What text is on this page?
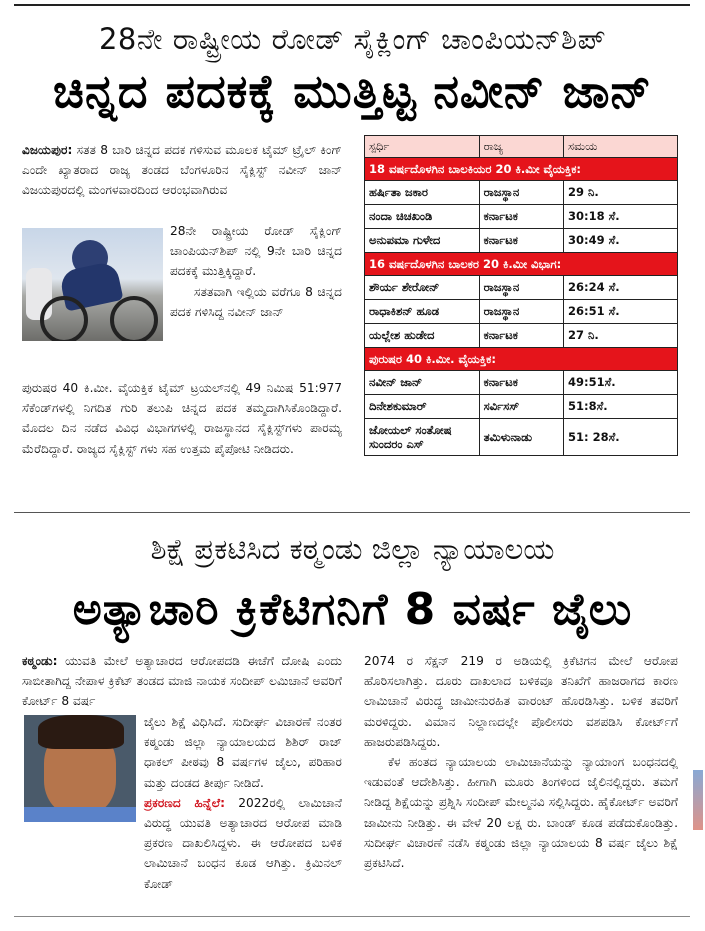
28ನೇ ರಾಷ್ಟ್ರೀಯ ರೋಡ್ ಸೈಕ್ಲಿಂಗ್ ಚಾಂಪಿಯನ್‌ಶಿಪ್
ಚಿನ್ನದ ಪದಕಕ್ಕೆ ಮುತ್ತಿಟ್ಟ ನವೀನ್ ಜಾನ್

ವಿಜಯಪುರ: ಸತತ 8 ಬಾರಿ ಚಿನ್ನದ ಪದಕ ಗಳಿಸುವ ಮೂಲಕ ಟೈಮ್ ಟ್ರೈಲ್ ಕಿಂಗ್ ಎಂದೇ ಖ್ಯಾತರಾದ ರಾಜ್ಯ ತಂಡದ ಬೆಂಗಳೂರಿನ ಸೈಕ್ಲಿಸ್ಟ್ ನವೀನ್ ಜಾನ್ ವಿಜಯಪುರದಲ್ಲಿ ಮಂಗಳವಾರದಿಂದ ಆರಂಭವಾಗಿರುವ

28ನೇ ರಾಷ್ಟ್ರೀಯ ರೋಡ್ ಸೈಕ್ಲಿಂಗ್ ಚಾಂಪಿಯನ್‌ಶಿಪ್ ನಲ್ಲಿ 9ನೇ ಬಾರಿ ಚಿನ್ನದ ಪದಕಕ್ಕೆ ಮುತ್ತಿಕ್ಕಿದ್ದಾರೆ.

ಸತತವಾಗಿ ಇಲ್ಲಿಯ ವರೆಗೂ 8 ಚಿನ್ನದ ಪದಕ ಗಳಿಸಿದ್ದ ನವೀನ್ ಜಾನ್

ಪುರುಷರ 40 ಕಿ.ಮೀ. ವೈಯಕ್ತಿಕ ಟೈಮ್ ಟ್ರಯಲ್‌ನಲ್ಲಿ 49 ನಿಮಿಷ 51:977 ಸೆಕೆಂಡ್‌ಗಳಲ್ಲಿ ನಿಗದಿತ ಗುರಿ ತಲುಪಿ ಚಿನ್ನದ ಪದಕ ತಮ್ಮದಾಗಿಸಿಕೊಂಡಿದ್ದಾರೆ. ಮೊದಲ ದಿನ ನಡೆದ ವಿವಿಧ ವಿಭಾಗಗಳಲ್ಲಿ ರಾಜಸ್ಥಾನದ ಸೈಕ್ಲಿಸ್ಟ್‌ಗಳು ಪಾರಮ್ಯ ಮೆರೆದಿದ್ದಾರೆ. ರಾಜ್ಯದ ಸೈಕ್ಲಿಸ್ಟ್ ಗಳು ಸಹ ಉತ್ತಮ ಪೈಪೋಟಿ ನೀಡಿದರು.

ಸ್ಪರ್ಧಿ	ರಾಜ್ಯ	ಸಮಯ
18 ವರ್ಷದೊಳಗಿನ ಬಾಲಕಿಯರ 20 ಕಿ.ಮೀ ವೈಯಕ್ತಿಕ:		
ಹರ್ಷಿತಾ ಜಕಾರ	ರಾಜಸ್ಥಾನ	29 ನಿ.
ನಂದಾ ಚಿಚಖಂಡಿ	ಕರ್ನಾಟಕ	30:18 ಸೆ.
ಅನುಪಮಾ ಗುಳೇದ	ಕರ್ನಾಟಕ	30:49 ಸೆ.
16 ವರ್ಷದೊಳಗಿನ ಬಾಲಕರ 20 ಕಿ.ಮೀ ವಿಭಾಗ:		
ಶೌರ್ಯ ಶೇರೋನ್	ರಾಜಸ್ಥಾನ	26:24 ಸೆ.
ರಾಧಾಕಿಶನ್ ಹೂಡ	ರಾಜಸ್ಥಾನ	26:51 ಸೆ.
ಯಲ್ಲೇಶ ಹುಡೇದ	ಕರ್ನಾಟಕ	27 ನಿ.
ಪುರುಷರ 40 ಕಿ.ಮೀ. ವೈಯಕ್ತಿಕ:		
ನವೀನ್ ಜಾನ್	ಕರ್ನಾಟಕ	49:51ಸೆ.
ದಿನೇಶಕುಮಾರ್	ಸರ್ವಿಸಸ್	51:8ಸೆ.
ಜೋಯಲ್ ಸಂತೋಷ ಸುಂದರಂ ಎಸ್	ತಮಿಳುನಾಡು	51: 28ಸೆ.
ಶಿಕ್ಷೆ ಪ್ರಕಟಿಸಿದ ಕಠ್ಮಂಡು ಜಿಲ್ಲಾ ನ್ಯಾಯಾಲಯ
ಅತ್ಯಾಚಾರಿ ಕ್ರಿಕೆಟಿಗನಿಗೆ 8 ವರ್ಷ ಜೈಲು

ಕಠ್ಮಂಡು: ಯುವತಿ ಮೇಲೆ ಅತ್ಯಾಚಾರದ ಆರೋಪದಡಿ ಈಚೆಗೆ ದೋಷಿ ಎಂದು ಸಾಬೀತಾಗಿದ್ದ ನೇಪಾಳ ಕ್ರಿಕೆಟ್ ತಂಡದ ಮಾಜಿ ನಾಯಕ ಸಂದೀಪ್ ಲಮಿಚಾನೆ ಅವರಿಗೆ ಕೋರ್ಟ್ 8 ವರ್ಷ

ಜೈಲು ಶಿಕ್ಷೆ ವಿಧಿಸಿದೆ. ಸುದೀರ್ಘ ವಿಚಾರಣೆ ನಂತರ ಕಠ್ಮಂಡು ಜಿಲ್ಲಾ ನ್ಯಾಯಾಲಯದ ಶಿಶಿರ್ ರಾಜ್ ಧಾಕಲ್ ಪೀಠವು 8 ವರ್ಷಗಳ ಜೈಲು, ಪರಿಹಾರ ಮತ್ತು ದಂಡದ ತೀರ್ಪು ನೀಡಿದೆ.

ಪ್ರಕರಣದ ಹಿನ್ನೆಲೆ: 2022ರಲ್ಲಿ ಲಾಮಿಚಾನೆ ವಿರುದ್ಧ ಯುವತಿ ಅತ್ಯಾಚಾರದ ಆರೋಪ ಮಾಡಿ ಪ್ರಕರಣ ದಾಖಲಿಸಿದ್ದಳು. ಈ ಆರೋಪದ ಬಳಿಕ ಲಾಮಿಚಾನೆ ಬಂಧನ ಕೂಡ ಆಗಿತ್ತು. ಕ್ರಿಮಿನಲ್ ಕೋಡ್

2074 ರ ಸೆಕ್ಷನ್ 219 ರ ಅಡಿಯಲ್ಲಿ ಕ್ರಿಕೆಟಿಗನ ಮೇಲೆ ಆರೋಪ ಹೊರಿಸಲಾಗಿತ್ತು. ದೂರು ದಾಖಲಾದ ಬಳಿಕವೂ ತನಿಖೆಗೆ ಹಾಜರಾಗದ ಕಾರಣ ಲಾಮಿಚಾನೆ ವಿರುದ್ಧ ಜಾಮೀನುರಹಿತ ವಾರಂಟ್ ಹೊರಡಿಸಿತ್ತು. ಬಳಿಕ ತವರಿಗೆ ಮರಳಿದ್ದರು. ವಿಮಾನ ನಿಲ್ದಾಣದಲ್ಲೇ ಪೊಲೀಸರು ವಶಪಡಿಸಿ ಕೋರ್ಟ್‌ಗೆ ಹಾಜರುಪಡಿಸಿದ್ದರು.

ಕೆಳ ಹಂತದ ನ್ಯಾಯಾಲಯ ಲಾಮಿಚಾನೆಯನ್ನು ನ್ಯಾಯಾಂಗ ಬಂಧನದಲ್ಲಿ ಇಡುವಂತೆ ಆದೇಶಿಸಿತ್ತು. ಹೀಗಾಗಿ ಮೂರು ತಿಂಗಳಿಂದ ಜೈಲಿನಲ್ಲಿದ್ದರು. ತಮಗೆ ನೀಡಿದ್ದ ಶಿಕ್ಷೆಯನ್ನು ಪ್ರಶ್ನಿಸಿ ಸಂದೀಪ್ ಮೇಲ್ಮನವಿ ಸಲ್ಲಿಸಿದ್ದರು. ಹೈಕೋರ್ಟ್ ಅವರಿಗೆ ಜಾಮೀನು ನೀಡಿತ್ತು. ಈ ವೇಳೆ 20 ಲಕ್ಷ ರು. ಬಾಂಡ್ ಕೂಡ ಪಡೆದುಕೊಂಡಿತ್ತು. ಸುದೀರ್ಘ ವಿಚಾರಣೆ ನಡೆಸಿ ಕಠ್ಮಂಡು ಜಿಲ್ಲಾ ನ್ಯಾಯಾಲಯ 8 ವರ್ಷ ಜೈಲು ಶಿಕ್ಷೆ ಪ್ರಕಟಿಸಿದೆ.
